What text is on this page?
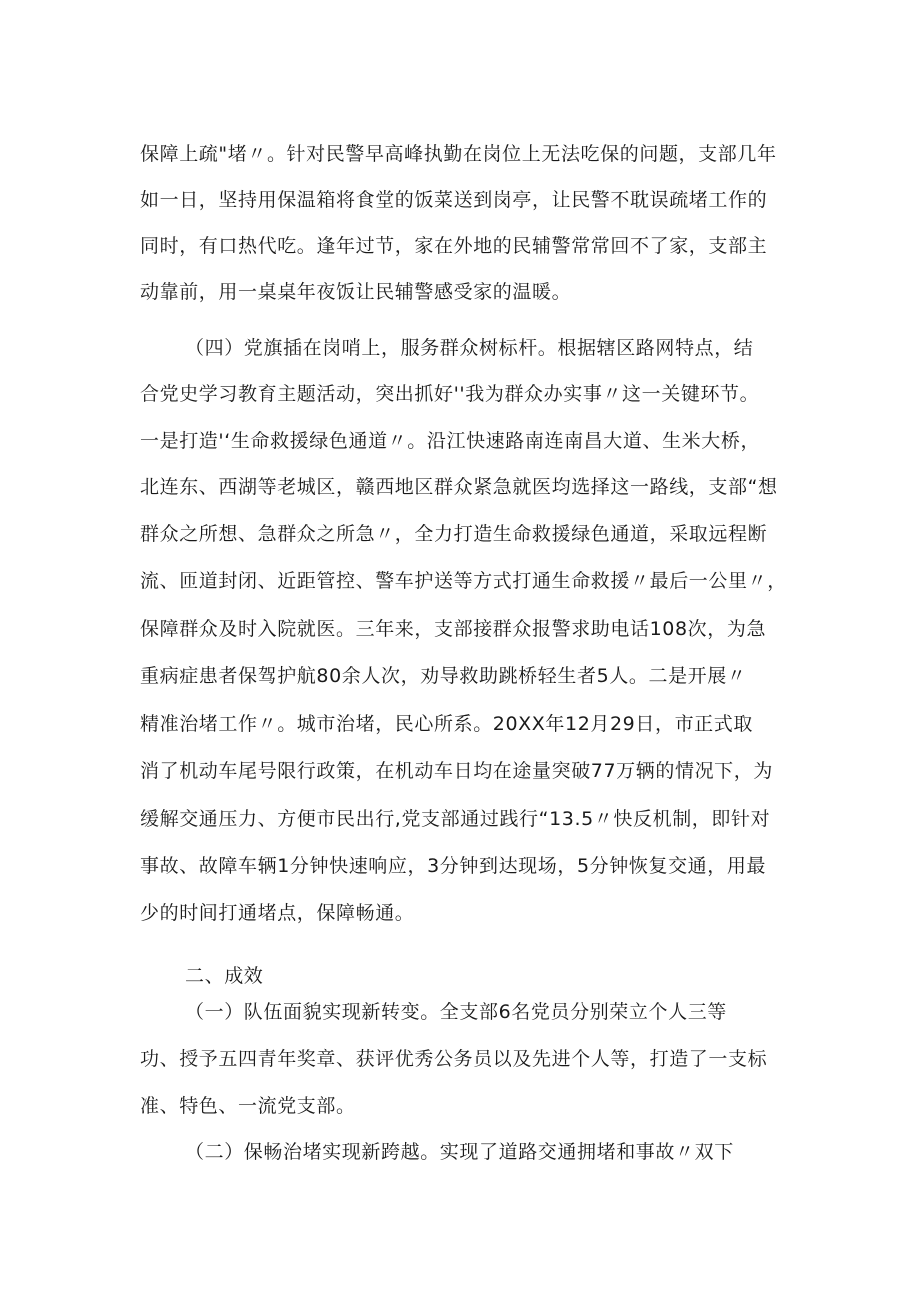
保障上疏"堵〃。针对民警早高峰执勤在岗位上无法吃保的问题，支部几年
如一日，坚持用保温箱将食堂的饭菜送到岗亭，让民警不耽误疏堵工作的
同时，有口热代吃。逢年过节，家在外地的民辅警常常回不了家，支部主
动靠前，用一桌桌年夜饭让民辅警感受家的温暖。
（四）党旗插在岗哨上，服务群众树标杆。根据辖区路网特点，结
合党史学习教育主题活动，突出抓好''我为群众办实事〃这一关键环节。
一是打造'‘生命救援绿色通道〃。沿江快速路南连南昌大道、生米大桥，
北连东、西湖等老城区，赣西地区群众紧急就医均选择这一路线，支部“想
群众之所想、急群众之所急〃，全力打造生命救援绿色通道，采取远程断
流、匝道封闭、近距管控、警车护送等方式打通生命救援〃最后一公里〃，
保障群众及时入院就医。三年来，支部接群众报警求助电话108次，为急
重病症患者保驾护航80余人次，劝导救助跳桥轻生者5人。二是开展〃
精准治堵工作〃。城市治堵，民心所系。20XX年12月29日，市正式取
消了机动车尾号限行政策，在机动车日均在途量突破77万辆的情况下，为
缓解交通压力、方便市民出行,党支部通过践行“13.5〃快反机制，即针对
事故、故障车辆1分钟快速响应，3分钟到达现场，5分钟恢复交通，用最
少的时间打通堵点，保障畅通。
二、成效
（一）队伍面貌实现新转变。全支部6名党员分别荣立个人三等
功、授予五四青年奖章、获评优秀公务员以及先进个人等，打造了一支标
准、特色、一流党支部。
（二）保畅治堵实现新跨越。实现了道路交通拥堵和事故〃双下
